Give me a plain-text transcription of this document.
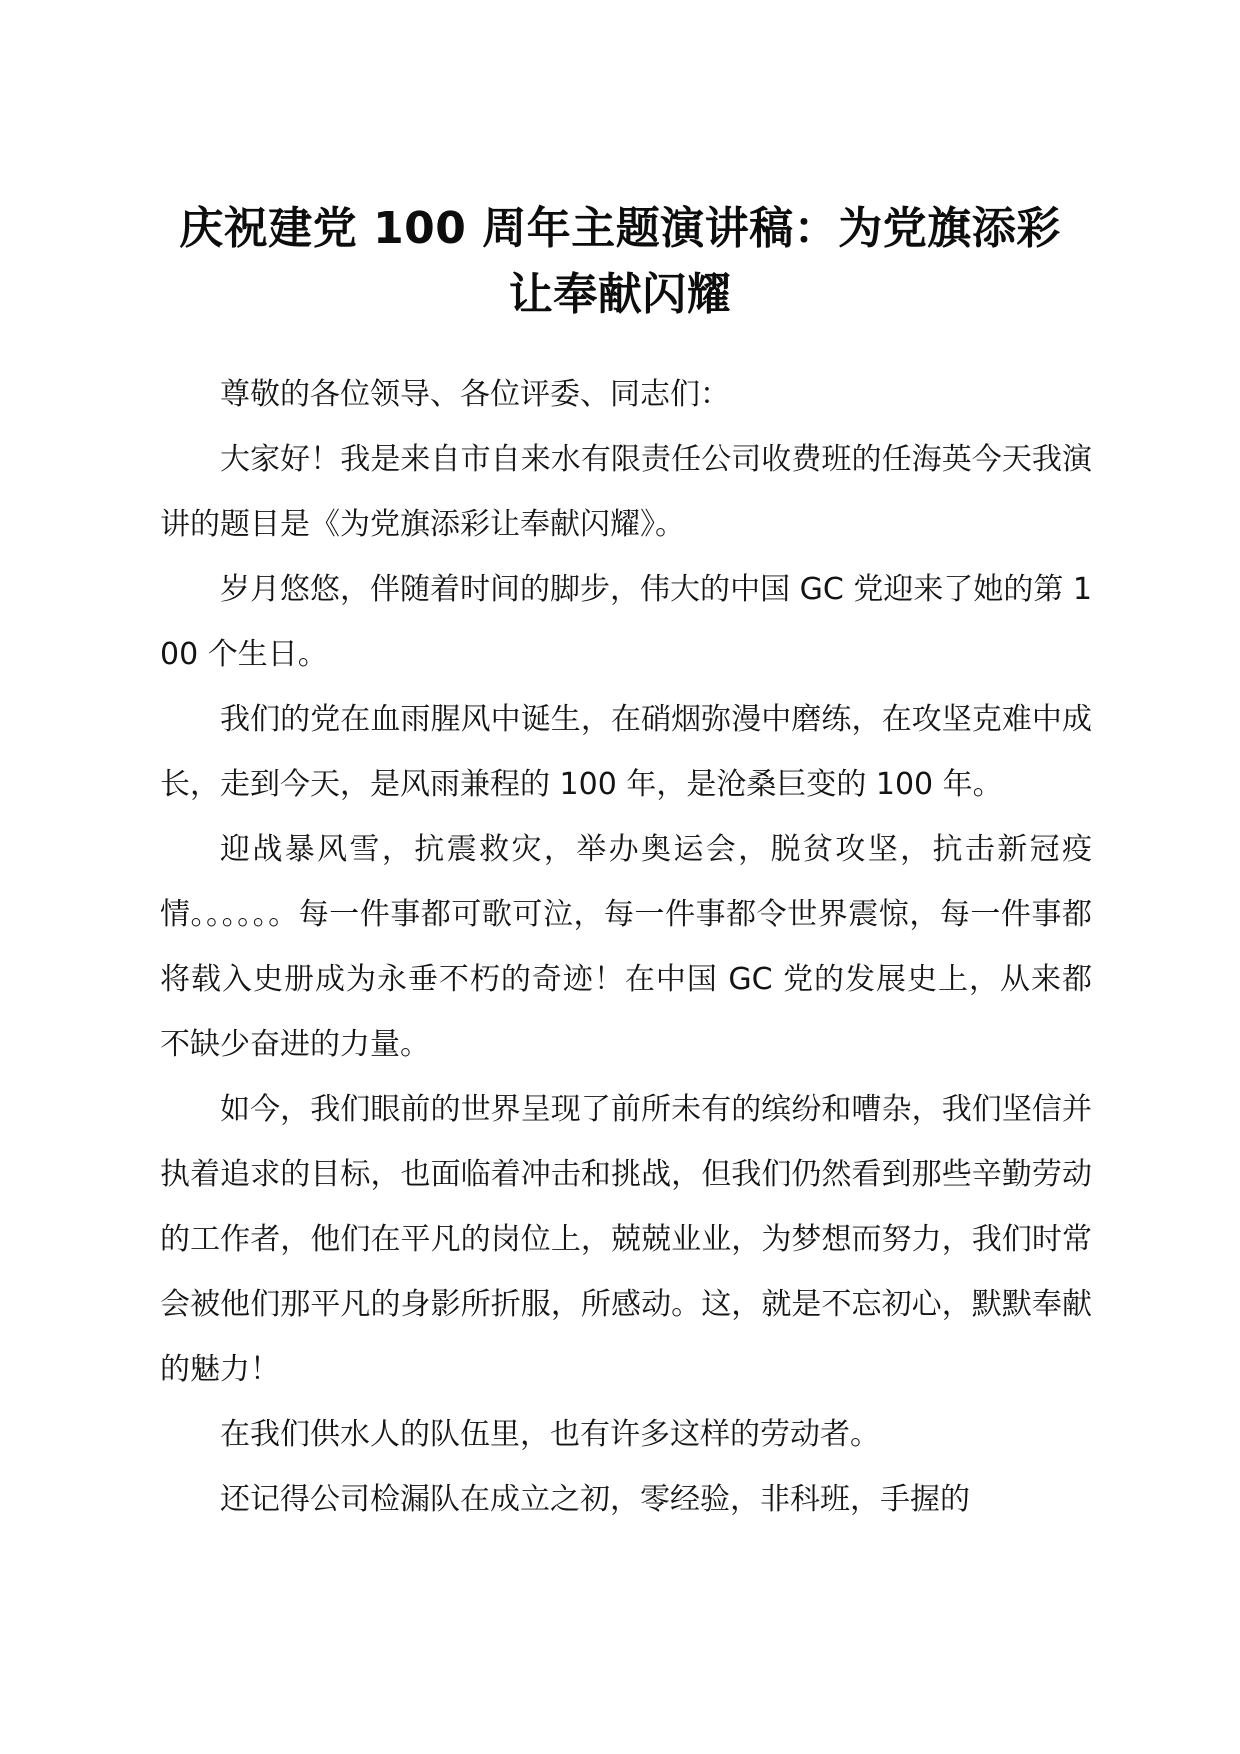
庆祝建党 100 周年主题演讲稿：为党旗添彩
让奉献闪耀

尊敬的各位领导、各位评委、同志们：

大家好！我是来自市自来水有限责任公司收费班的任海英今天我演讲的题目是《为党旗添彩让奉献闪耀》。

岁月悠悠，伴随着时间的脚步，伟大的中国 GC 党迎来了她的第 100 个生日。

我们的党在血雨腥风中诞生，在硝烟弥漫中磨练，在攻坚克难中成长，走到今天，是风雨兼程的 100 年，是沧桑巨变的 100 年。

迎战暴风雪，抗震救灾，举办奥运会，脱贫攻坚，抗击新冠疫情。。。。。。每一件事都可歌可泣，每一件事都令世界震惊，每一件事都将载入史册成为永垂不朽的奇迹！在中国 GC 党的发展史上，从来都不缺少奋进的力量。

如今，我们眼前的世界呈现了前所未有的缤纷和嘈杂，我们坚信并执着追求的目标，也面临着冲击和挑战，但我们仍然看到那些辛勤劳动的工作者，他们在平凡的岗位上，兢兢业业，为梦想而努力，我们时常会被他们那平凡的身影所折服，所感动。这，就是不忘初心，默默奉献的魅力！

在我们供水人的队伍里，也有许多这样的劳动者。

还记得公司检漏队在成立之初，零经验，非科班，手握的
